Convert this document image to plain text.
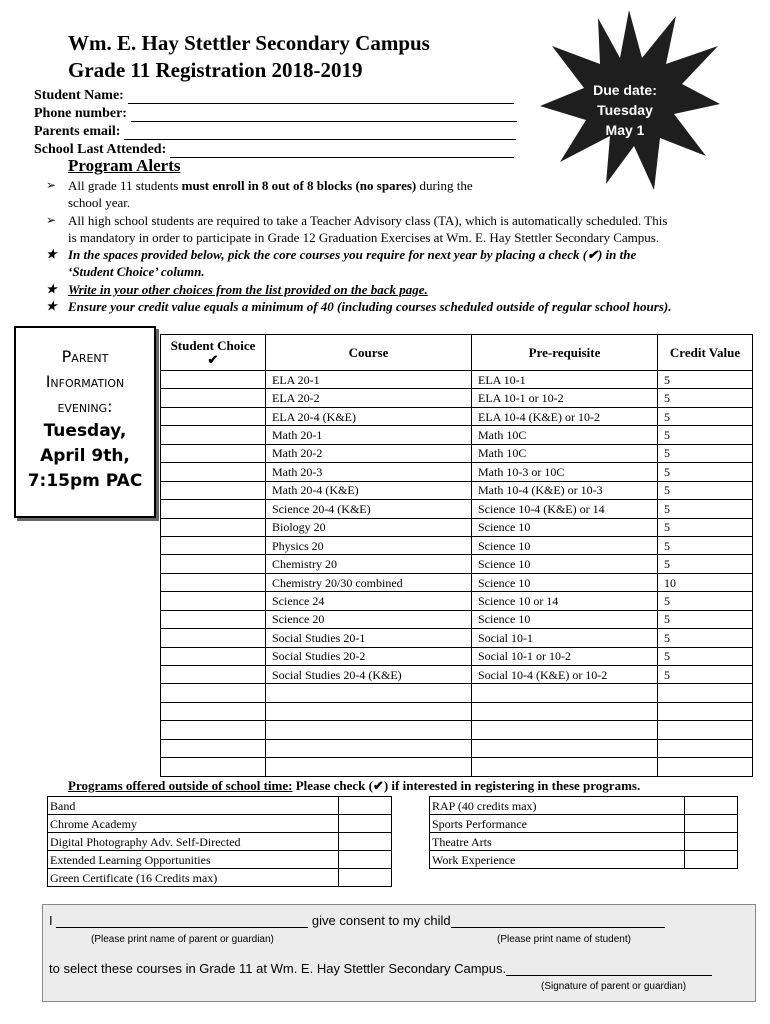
Wm. E. Hay Stettler Secondary Campus
Grade 11 Registration 2018-2019
Student Name:
Phone number:
Parents email:
School Last Attended:
Due date:
Tuesday
May 1
Program Alerts
➢ All grade 11 students must enroll in 8 out of 8 blocks (no spares) during the
school year.
➢ All high school students are required to take a Teacher Advisory class (TA), which is automatically scheduled. This
is mandatory in order to participate in Grade 12 Graduation Exercises at Wm. E. Hay Stettler Secondary Campus.
★ In the spaces provided below, pick the core courses you require for next year by placing a check (✔) in the
‘Student Choice’ column.
★ Write in your other choices from the list provided on the back page.
★ Ensure your credit value equals a minimum of 40 (including courses scheduled outside of regular school hours).
Parent
Information
evening:
Tuesday,
April 9th,
7:15pm PAC
Student Choice ✔	Course	Pre-requisite	Credit Value
	ELA 20-1	ELA 10-1	5
	ELA 20-2	ELA 10-1 or 10-2	5
	ELA 20-4 (K&E)	ELA 10-4 (K&E) or 10-2	5
	Math 20-1	Math 10C	5
	Math 20-2	Math 10C	5
	Math 20-3	Math 10-3 or 10C	5
	Math 20-4 (K&E)	Math 10-4 (K&E) or 10-3	5
	Science 20-4 (K&E)	Science 10-4 (K&E) or 14	5
	Biology 20	Science 10	5
	Physics 20	Science 10	5
	Chemistry 20	Science 10	5
	Chemistry 20/30 combined	Science 10	10
	Science 24	Science 10 or 14	5
	Science 20	Science 10	5
	Social Studies 20-1	Social 10-1	5
	Social Studies 20-2	Social 10-1 or 10-2	5
	Social Studies 20-4 (K&E)	Social 10-4 (K&E) or 10-2	5

Programs offered outside of school time: Please check (✔) if interested in registering in these programs.
Band	
Chrome Academy	
Digital Photography Adv. Self-Directed	
Extended Learning Opportunities	
Green Certificate (16 Credits max)	
RAP (40 credits max)	
Sports Performance	
Theatre Arts	
Work Experience	
I	give consent to my child
(Please print name of parent or guardian)	(Please print name of student)
to select these courses in Grade 11 at Wm. E. Hay Stettler Secondary Campus.
(Signature of parent or guardian)
